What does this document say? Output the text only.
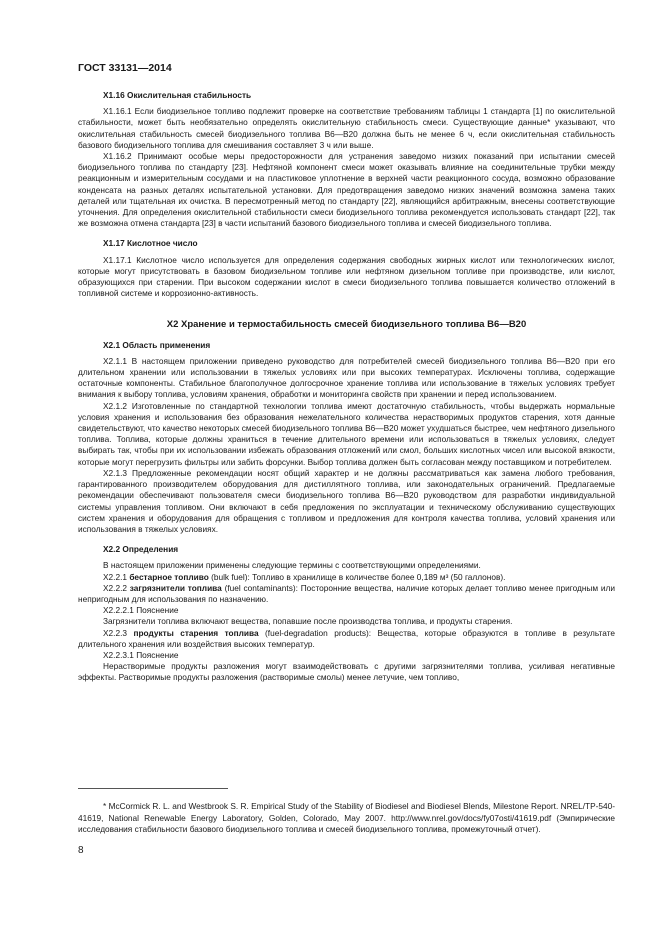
ГОСТ 33131—2014

X1.16 Окислительная стабильность

X1.16.1 Если биодизельное топливо подлежит проверке на соответствие требованиям таблицы 1 стандарта [1] по окислительной стабильности, может быть необязательно определять окислительную стабильность смеси. Существующие данные* указывают, что окислительная стабильность смесей биодизельного топлива В6—В20 должна быть не менее 6 ч, если окислительная стабильность базового биодизельного топлива для смешивания составляет 3 ч или выше.

X1.16.2 Принимают особые меры предосторожности для устранения заведомо низких показаний при испытании смесей биодизельного топлива по стандарту [23]. Нефтяной компонент смеси может оказывать влияние на соединительные трубки между реакционным и измерительным сосудами и на пластиковое уплотнение в верхней части реакционного сосуда, возможно образование конденсата на разных деталях испытательной установки. Для предотвращения заведомо низких значений возможна замена таких деталей или тщательная их очистка. В пересмотренный метод по стандарту [22], являющийся арбитражным, внесены соответствующие уточнения. Для определения окислительной стабильности смеси биодизельного топлива рекомендуется использовать стандарт [22], так же возможна отмена стандарта [23] в части испытаний базового биодизельного топлива и смесей биодизельного топлива.

X1.17 Кислотное число

X1.17.1 Кислотное число используется для определения содержания свободных жирных кислот или технологических кислот, которые могут присутствовать в базовом биодизельном топливе или нефтяном дизельном топливе при производстве, или кислот, образующихся при старении. При высоком содержании кислот в смеси биодизельного топлива повышается количество отложений в топливной системе и коррозионно-активность.

X2 Хранение и термостабильность смесей биодизельного топлива В6—В20

X2.1 Область применения

X2.1.1 В настоящем приложении приведено руководство для потребителей смесей биодизельного топлива В6—В20 при его длительном хранении или использовании в тяжелых условиях или при высоких температурах. Исключены топлива, содержащие остаточные компоненты. Стабильное благополучное долгосрочное хранение топлива или использование в тяжелых условиях требует внимания к выбору топлива, условиям хранения, обработки и мониторинга свойств при хранении и перед использованием.

X2.1.2 Изготовленные по стандартной технологии топлива имеют достаточную стабильность, чтобы выдержать нормальные условия хранения и использования без образования нежелательного количества нерастворимых продуктов старения, хотя данные свидетельствуют, что качество некоторых смесей биодизельного топлива В6—В20 может ухудшаться быстрее, чем нефтяного дизельного топлива. Топлива, которые должны храниться в течение длительного времени или использоваться в тяжелых условиях, следует выбирать так, чтобы при их использовании избежать образования отложений или смол, больших кислотных чисел или высокой вязкости, которые могут перегрузить фильтры или забить форсунки. Выбор топлива должен быть согласован между поставщиком и потребителем.

X2.1.3 Предложенные рекомендации носят общий характер и не должны рассматриваться как замена любого требования, гарантированного производителем оборудования для дистиллятного топлива, или законодательных ограничений. Предлагаемые рекомендации обеспечивают пользователя смеси биодизельного топлива В6—В20 руководством для разработки индивидуальной системы управления топливом. Они включают в себя предложения по эксплуатации и техническому обслуживанию существующих систем хранения и оборудования для обращения с топливом и предложения для контроля качества топлива, условий хранения или использования в тяжелых условиях.

X2.2 Определения

В настоящем приложении применены следующие термины с соответствующими определениями.

X2.2.1 бестарное топливо (bulk fuel): Топливо в хранилище в количестве более 0,189 м³ (50 галлонов).

X2.2.2 загрязнители топлива (fuel contaminants): Посторонние вещества, наличие которых делает топливо менее пригодным или непригодным для использования по назначению.

X2.2.2.1 Пояснение

Загрязнители топлива включают вещества, попавшие после производства топлива, и продукты старения.

X2.2.3 продукты старения топлива (fuel-degradation products): Вещества, которые образуются в топливе в результате длительного хранения или воздействия высоких температур.

X2.2.3.1 Пояснение

Нерастворимые продукты разложения могут взаимодействовать с другими загрязнителями топлива, усиливая негативные эффекты. Растворимые продукты разложения (растворимые смолы) менее летучие, чем топливо,

* McCormick R. L. and Westbrook S. R. Empirical Study of the Stability of Biodiesel and Biodiesel Blends, Milestone Report. NREL/TP-540-41619, National Renewable Energy Laboratory, Golden, Colorado, May 2007. http://www.nrel.gov/docs/fy07osti/41619.pdf (Эмпирические исследования стабильности базового биодизельного топлива и смесей биодизельного топлива, промежуточный отчет).

8
